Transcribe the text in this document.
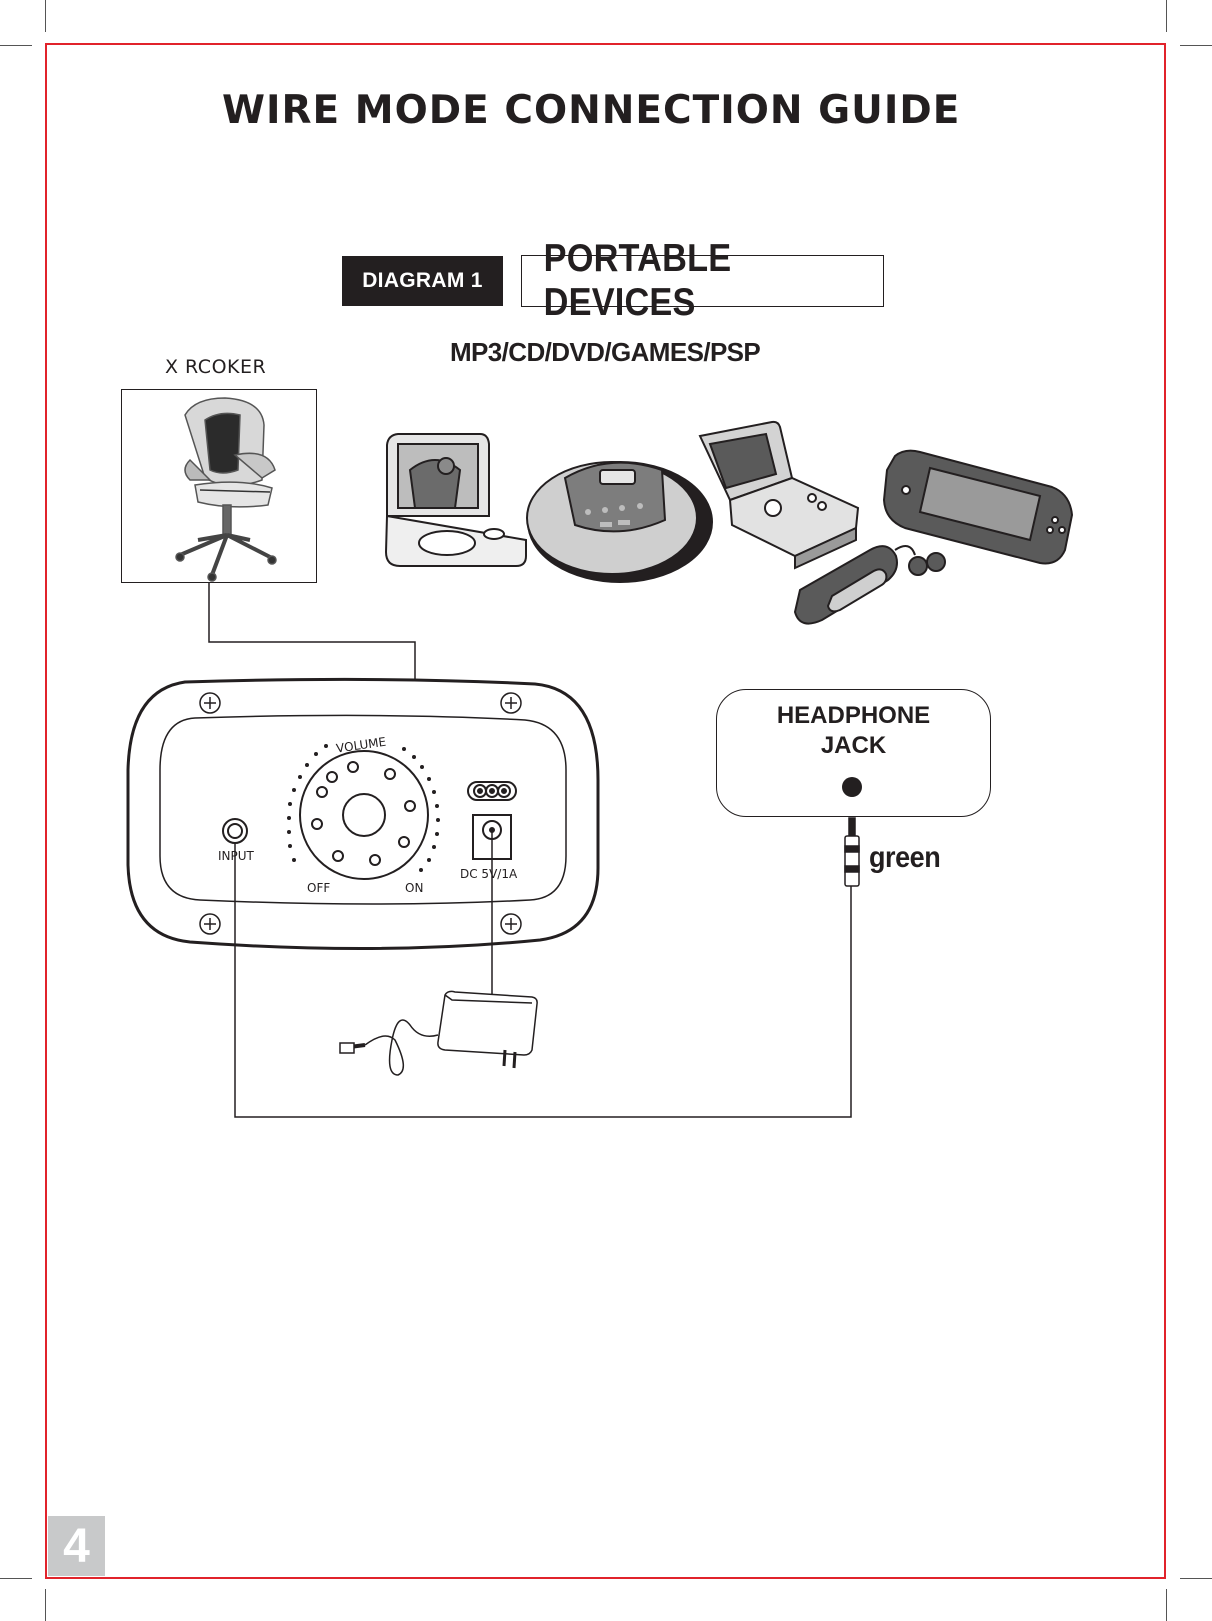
WIRE MODE CONNECTION GUIDE
DIAGRAM 1
PORTABLE DEVICES
MP3/CD/DVD/GAMES/PSP
X RCOKER
VOLUME
INPUT
OFF	ON
DC 5V/1A
HEADPHONE
JACK
green
4
